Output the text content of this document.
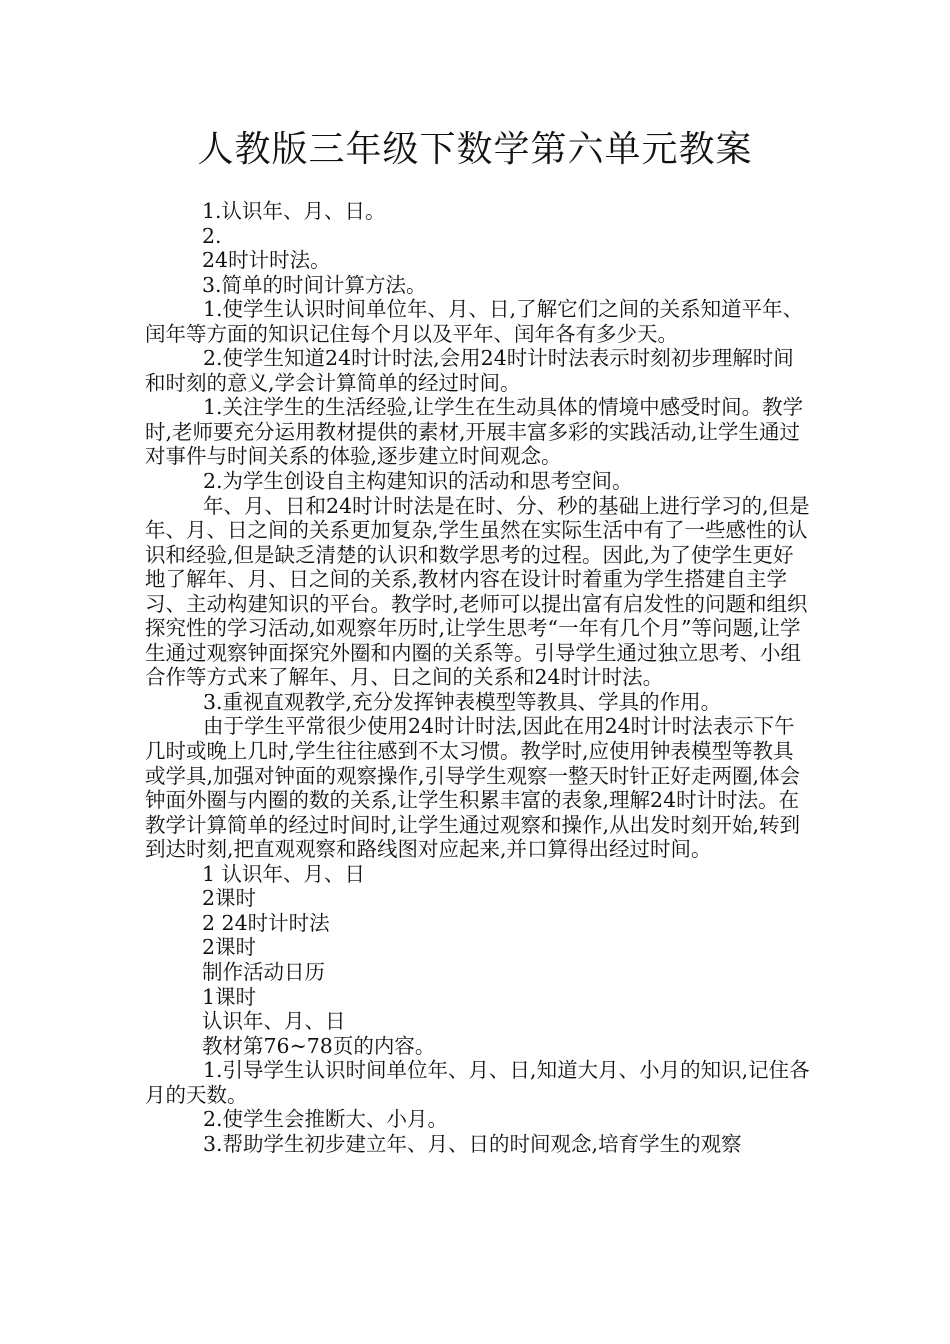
人教版三年级下数学第六单元教案

1.认识年、月、日。

2.

24时计时法。

3.简单的时间计算方法。

1.使学生认识时间单位年、月、日,了解它们之间的关系知道平年、闰年等方面的知识记住每个月以及平年、闰年各有多少天。

2.使学生知道24时计时法,会用24时计时法表示时刻初步理解时间和时刻的意义,学会计算简单的经过时间。

1.关注学生的生活经验,让学生在生动具体的情境中感受时间。教学时,老师要充分运用教材提供的素材,开展丰富多彩的实践活动,让学生通过对事件与时间关系的体验,逐步建立时间观念。

2.为学生创设自主构建知识的活动和思考空间。

年、月、日和24时计时法是在时、分、秒的基础上进行学习的,但是年、月、日之间的关系更加复杂,学生虽然在实际生活中有了一些感性的认识和经验,但是缺乏清楚的认识和数学思考的过程。因此,为了使学生更好地了解年、月、日之间的关系,教材内容在设计时着重为学生搭建自主学习、主动构建知识的平台。教学时,老师可以提出富有启发性的问题和组织探究性的学习活动,如观察年历时,让学生思考“一年有几个月”等问题,让学生通过观察钟面探究外圈和内圈的关系等。引导学生通过独立思考、小组合作等方式来了解年、月、日之间的关系和24时计时法。

3.重视直观教学,充分发挥钟表模型等教具、学具的作用。

由于学生平常很少使用24时计时法,因此在用24时计时法表示下午几时或晚上几时,学生往往感到不太习惯。教学时,应使用钟表模型等教具或学具,加强对钟面的观察操作,引导学生观察一整天时针正好走两圈,体会钟面外圈与内圈的数的关系,让学生积累丰富的表象,理解24时计时法。在教学计算简单的经过时间时,让学生通过观察和操作,从出发时刻开始,转到到达时刻,把直观观察和路线图对应起来,并口算得出经过时间。

1 认识年、月、日

2课时

2 24时计时法

2课时

制作活动日历

1课时

认识年、月、日

教材第76~78页的内容。

1.引导学生认识时间单位年、月、日,知道大月、小月的知识,记住各月的天数。

2.使学生会推断大、小月。

3.帮助学生初步建立年、月、日的时间观念,培育学生的观察
